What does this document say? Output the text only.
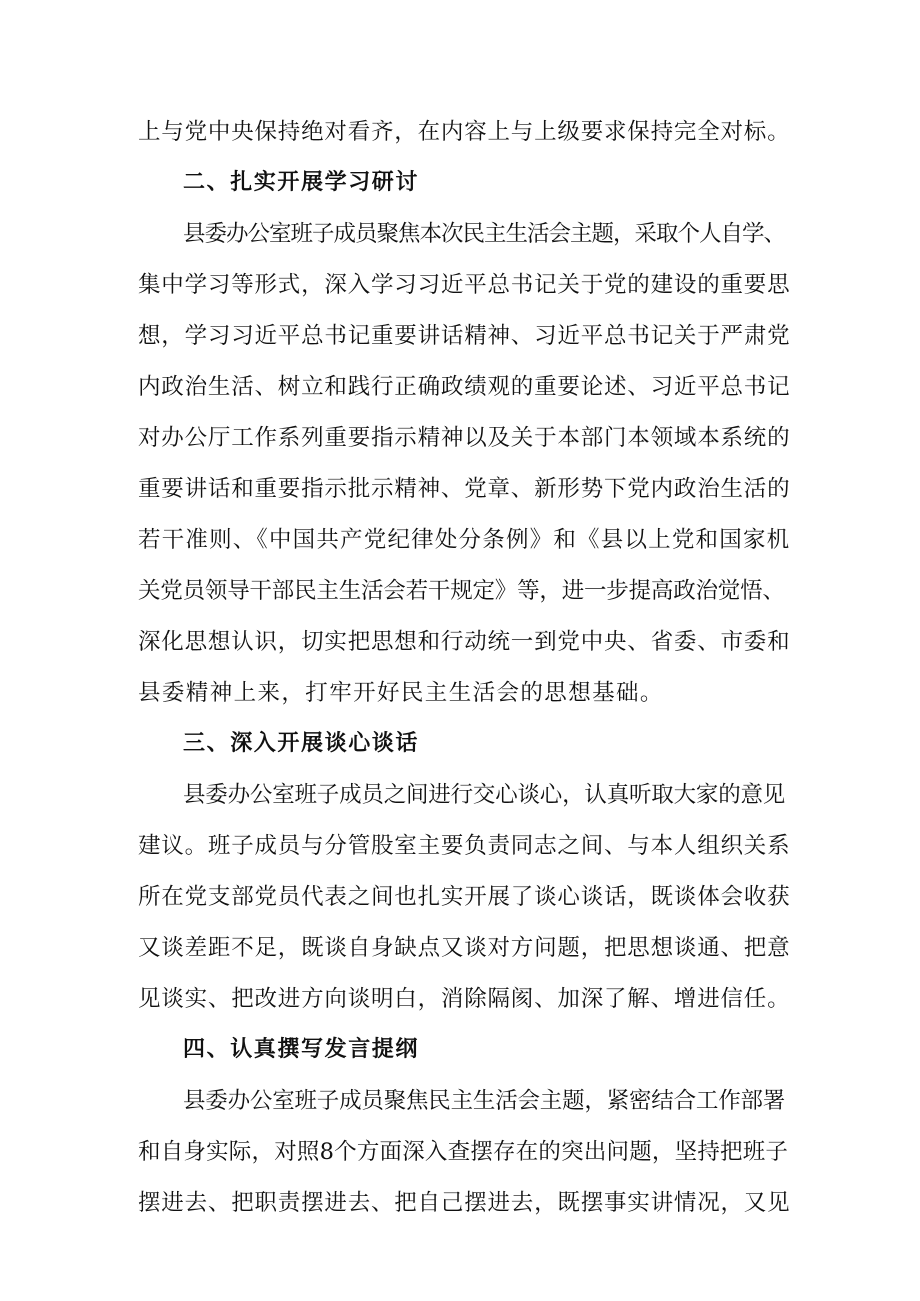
上与党中央保持绝对看齐，在内容上与上级要求保持完全对标。
二、扎实开展学习研讨
县委办公室班子成员聚焦本次民主生活会主题，采取个人自学、
集中学习等形式，深入学习习近平总书记关于党的建设的重要思
想，学习习近平总书记重要讲话精神、习近平总书记关于严肃党
内政治生活、树立和践行正确政绩观的重要论述、习近平总书记
对办公厅工作系列重要指示精神以及关于本部门本领域本系统的
重要讲话和重要指示批示精神、党章、新形势下党内政治生活的
若干准则、《中国共产党纪律处分条例》和《县以上党和国家机
关党员领导干部民主生活会若干规定》等，进一步提高政治觉悟、
深化思想认识，切实把思想和行动统一到党中央、省委、市委和
县委精神上来，打牢开好民主生活会的思想基础。
三、深入开展谈心谈话
县委办公室班子成员之间进行交心谈心，认真听取大家的意见
建议。班子成员与分管股室主要负责同志之间、与本人组织关系
所在党支部党员代表之间也扎实开展了谈心谈话，既谈体会收获
又谈差距不足，既谈自身缺点又谈对方问题，把思想谈通、把意
见谈实、把改进方向谈明白，消除隔阂、加深了解、增进信任。
四、认真撰写发言提纲
县委办公室班子成员聚焦民主生活会主题，紧密结合工作部署
和自身实际，对照8个方面深入查摆存在的突出问题，坚持把班子
摆进去、把职责摆进去、把自己摆进去，既摆事实讲情况，又见
